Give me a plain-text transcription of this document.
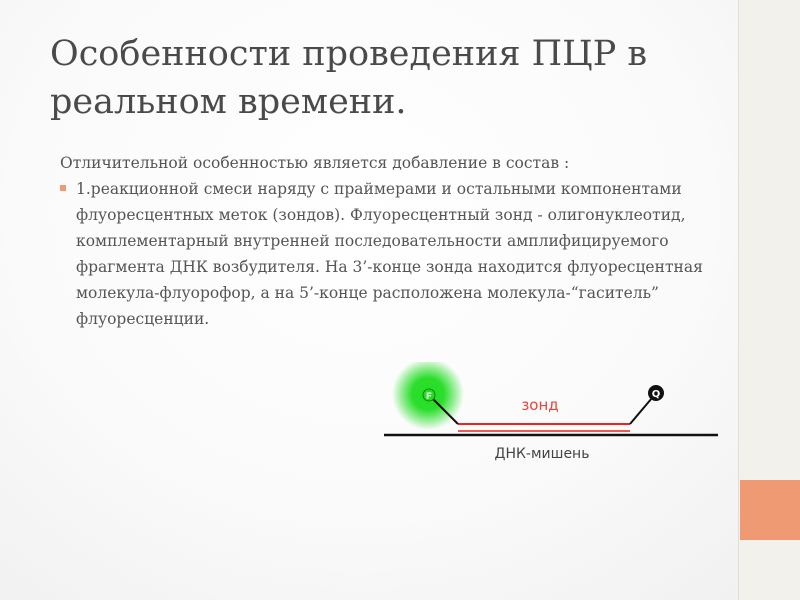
Особенности проведения ПЦР в реальном времени.
Отличительной особенностью является добавление в состав :

1.реакционной смеси наряду с праймерами и остальными компонентами флуоресцентных меток (зондов). Флуоресцентный зонд - олигонуклеотид, комплементарный внутренней последовательности амплифицируемого фрагмента ДНК возбудителя. На 3’-конце зонда находится флуоресцентная молекула-флуорофор, а на 5’-конце расположена молекула-“гаситель” флуоресценции.

F	Q
зонд
ДНК-мишень
